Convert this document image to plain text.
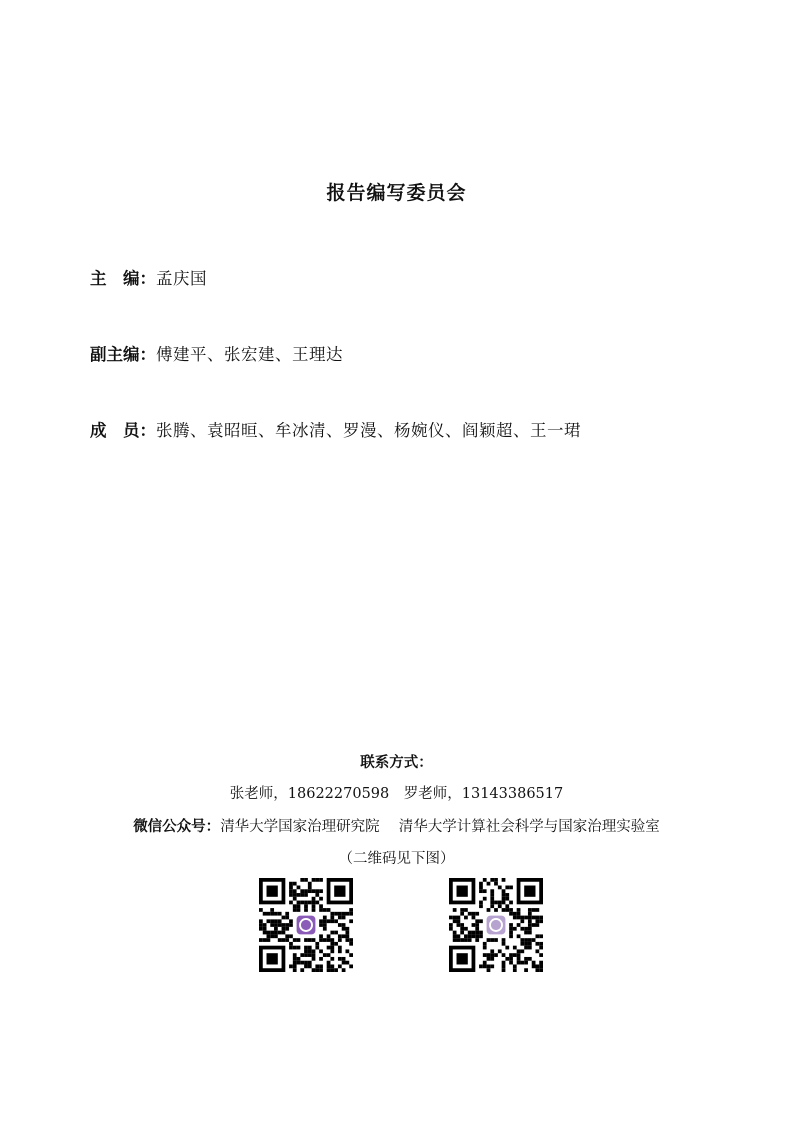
报告编写委员会
主　编：孟庆国
副主编：傅建平、张宏建、王理达
成　员：张腾、袁昭晅、牟冰清、罗漫、杨婉仪、阎颖超、王一珺
联系方式：
张老师，18622270598　罗老师，13143386517
微信公众号：清华大学国家治理研究院　 清华大学计算社会科学与国家治理实验室
（二维码见下图）
